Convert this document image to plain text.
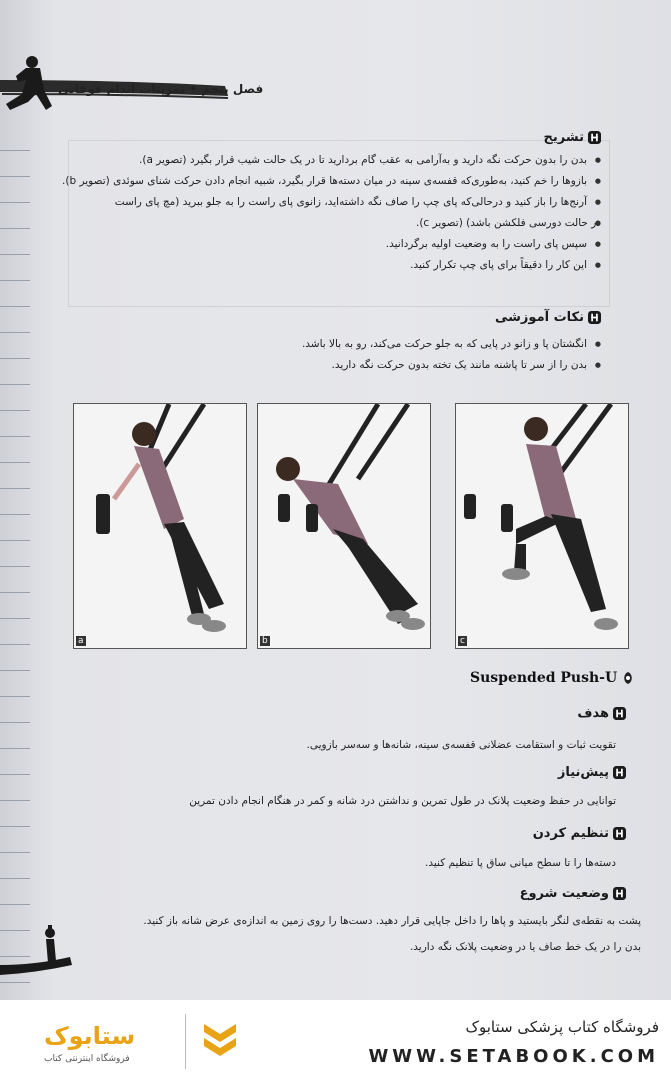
فصل پنجم • تمرینات اندام فوقانی
تشریح
● بدن را بدون حرکت نگه دارید و به‌آرامی به عقب گام بردارید تا در یک حالت شیب قرار بگیرد (تصویر a).
● بازوها را خم کنید، به‌طوری‌که قفسه‌ی سینه در میان دسته‌ها قرار بگیرد، شبیه انجام دادن حرکت شنای سوئدی (تصویر b).
● آرنج‌ها را باز کنید و درحالی‌که پای چپ را صاف نگه داشته‌اید، زانوی پای راست را به جلو ببرید (مچ پای راست
● در حالت دورسی فلکشن باشد) (تصویر c).
● سپس پای راست را به وضعیت اولیه برگردانید.
● این کار را دقیقاً برای پای چپ تکرار کنید.
نکات آموزشی
● انگشتان پا و زانو در پایی که به جلو حرکت می‌کند، رو به بالا باشد.
● بدن را از سر تا پاشنه مانند یک تخته بدون حرکت نگه دارید.
a	b	c
Suspended Push-U
هدف
تقویت ثبات و استقامت عضلانی قفسه‌ی سینه، شانه‌ها و سه‌سر بازویی.
پیش‌نیاز
توانایی در حفظ وضعیت پلانک در طول تمرین و نداشتن درد شانه و کمر در هنگام انجام دادن تمرین
تنظیم کردن
دسته‌ها را تا سطح میانی ساق پا تنظیم کنید.
وضعیت شروع
پشت به نقطه‌ی لنگر بایستید و پاها را داخل جاپایی قرار دهید. دست‌ها را روی زمین به اندازه‌ی عرض شانه باز کنید.
بدن را در یک خط صاف یا در وضعیت پلانک نگه دارید.
ستابوک
فروشگاه اینترنتی کتاب
فروشگاه کتاب پزشکی ستابوک
WWW.SETABOOK.COM
